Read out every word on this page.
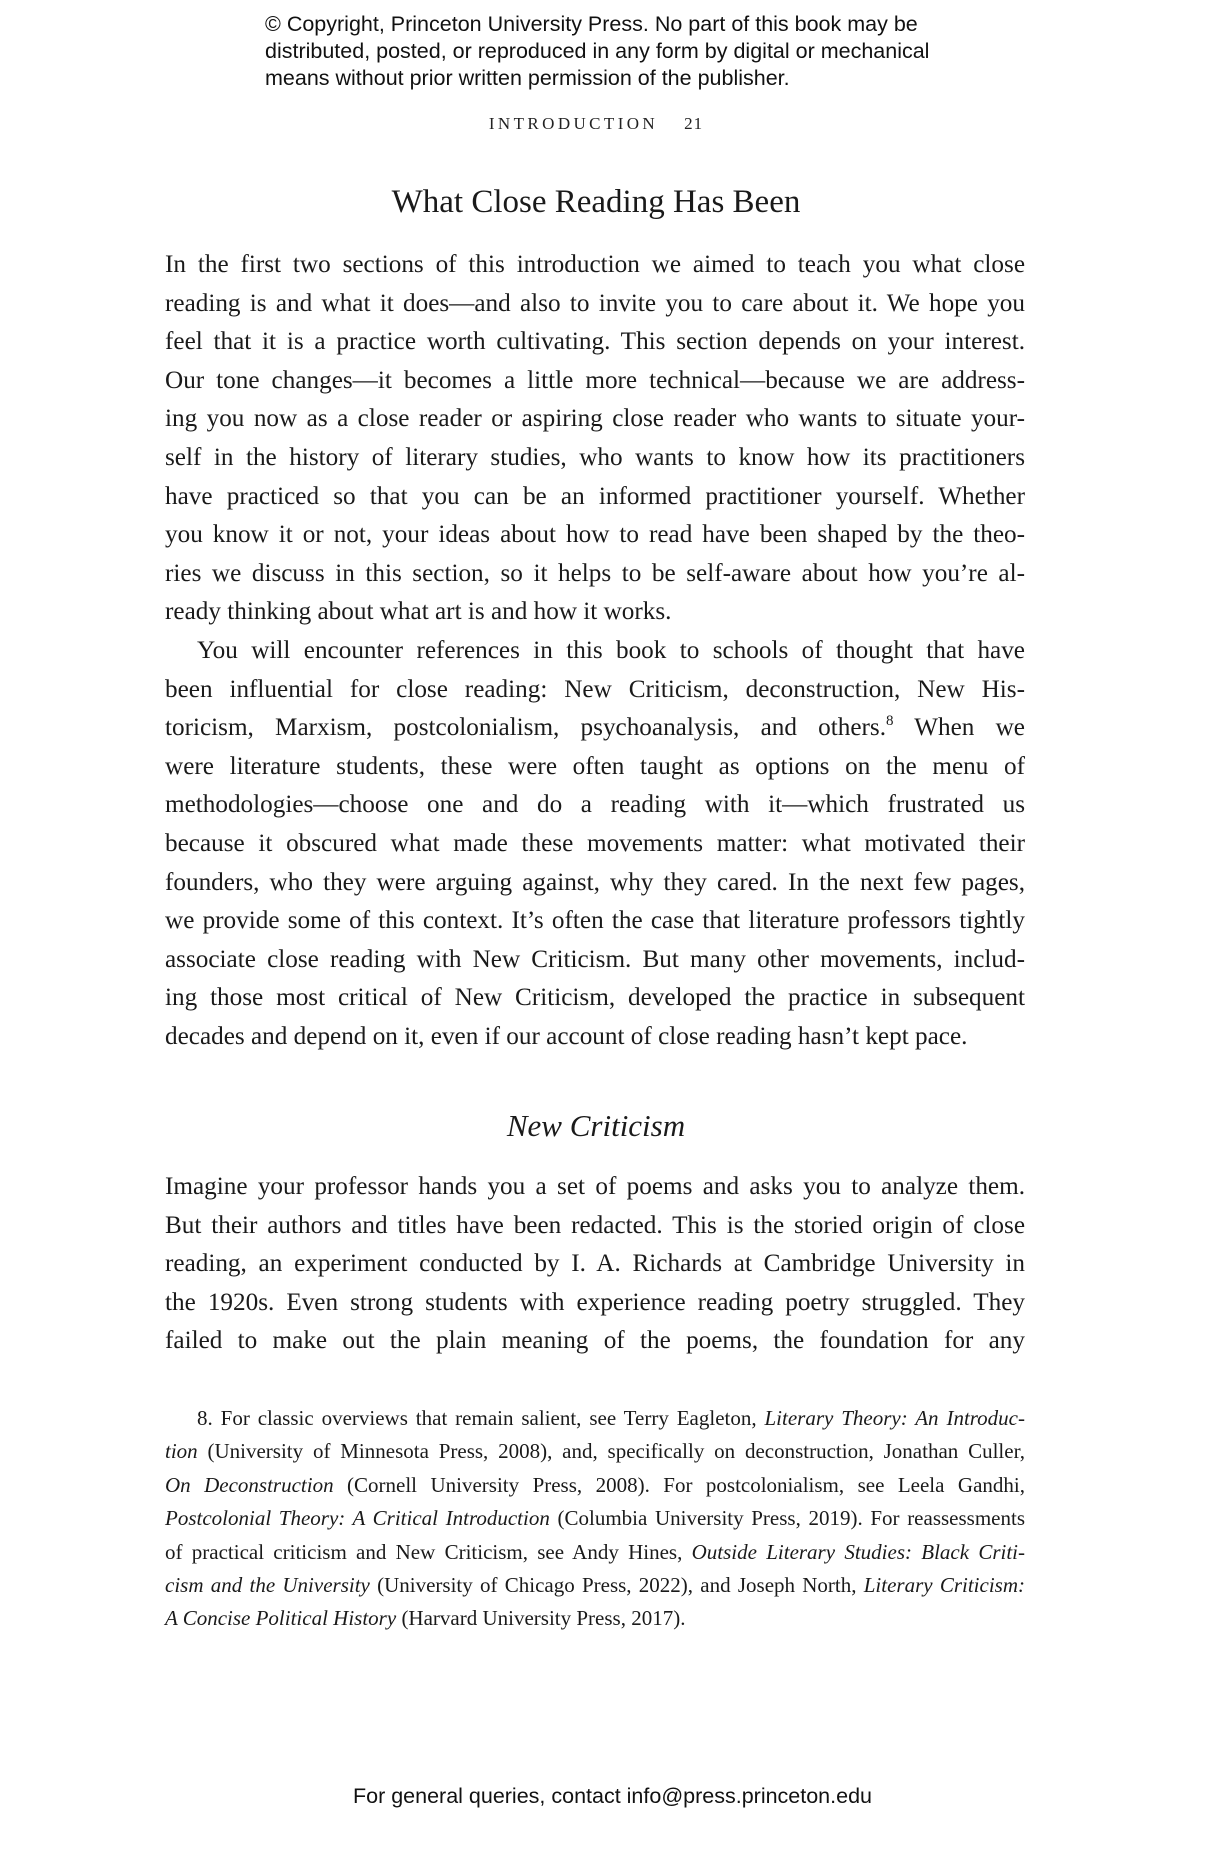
© Copyright, Princeton University Press. No part of this book may be
distributed, posted, or reproduced in any form by digital or mechanical
means without prior written permission of the publisher.
INTRODUCTION 21
What Close Reading Has Been
In the first two sections of this introduction we aimed to teach you what close
reading is and what it does—and also to invite you to care about it. We hope you
feel that it is a practice worth cultivating. This section depends on your interest.
Our tone changes—it becomes a little more technical—because we are address-
ing you now as a close reader or aspiring close reader who wants to situate your-
self in the history of literary studies, who wants to know how its practitioners
have practiced so that you can be an informed practitioner yourself. Whether
you know it or not, your ideas about how to read have been shaped by the theo-
ries we discuss in this section, so it helps to be self-aware about how you’re al-
ready thinking about what art is and how it works.
You will encounter references in this book to schools of thought that have
been influential for close reading: New Criticism, deconstruction, New His-
toricism, Marxism, postcolonialism, psychoanalysis, and others.$^8$ When we
were literature students, these were often taught as options on the menu of
methodologies—choose one and do a reading with it—which frustrated us
because it obscured what made these movements matter: what motivated their
founders, who they were arguing against, why they cared. In the next few pages,
we provide some of this context. It’s often the case that literature professors tightly
associate close reading with New Criticism. But many other movements, includ-
ing those most critical of New Criticism, developed the practice in subsequent
decades and depend on it, even if our account of close reading hasn’t kept pace.
New Criticism
Imagine your professor hands you a set of poems and asks you to analyze them.
But their authors and titles have been redacted. This is the storied origin of close
reading, an experiment conducted by I. A. Richards at Cambridge University in
the 1920s. Even strong students with experience reading poetry struggled. They
failed to make out the plain meaning of the poems, the foundation for any
8. For classic overviews that remain salient, see Terry Eagleton, Literary Theory: An Introduc-
tion (University of Minnesota Press, 2008), and, specifically on deconstruction, Jonathan Culler,
On Deconstruction (Cornell University Press, 2008). For postcolonialism, see Leela Gandhi,
Postcolonial Theory: A Critical Introduction (Columbia University Press, 2019). For reassessments
of practical criticism and New Criticism, see Andy Hines, Outside Literary Studies: Black Criti-
cism and the University (University of Chicago Press, 2022), and Joseph North, Literary Criticism:
A Concise Political History (Harvard University Press, 2017).
For general queries, contact info@press.princeton.edu
